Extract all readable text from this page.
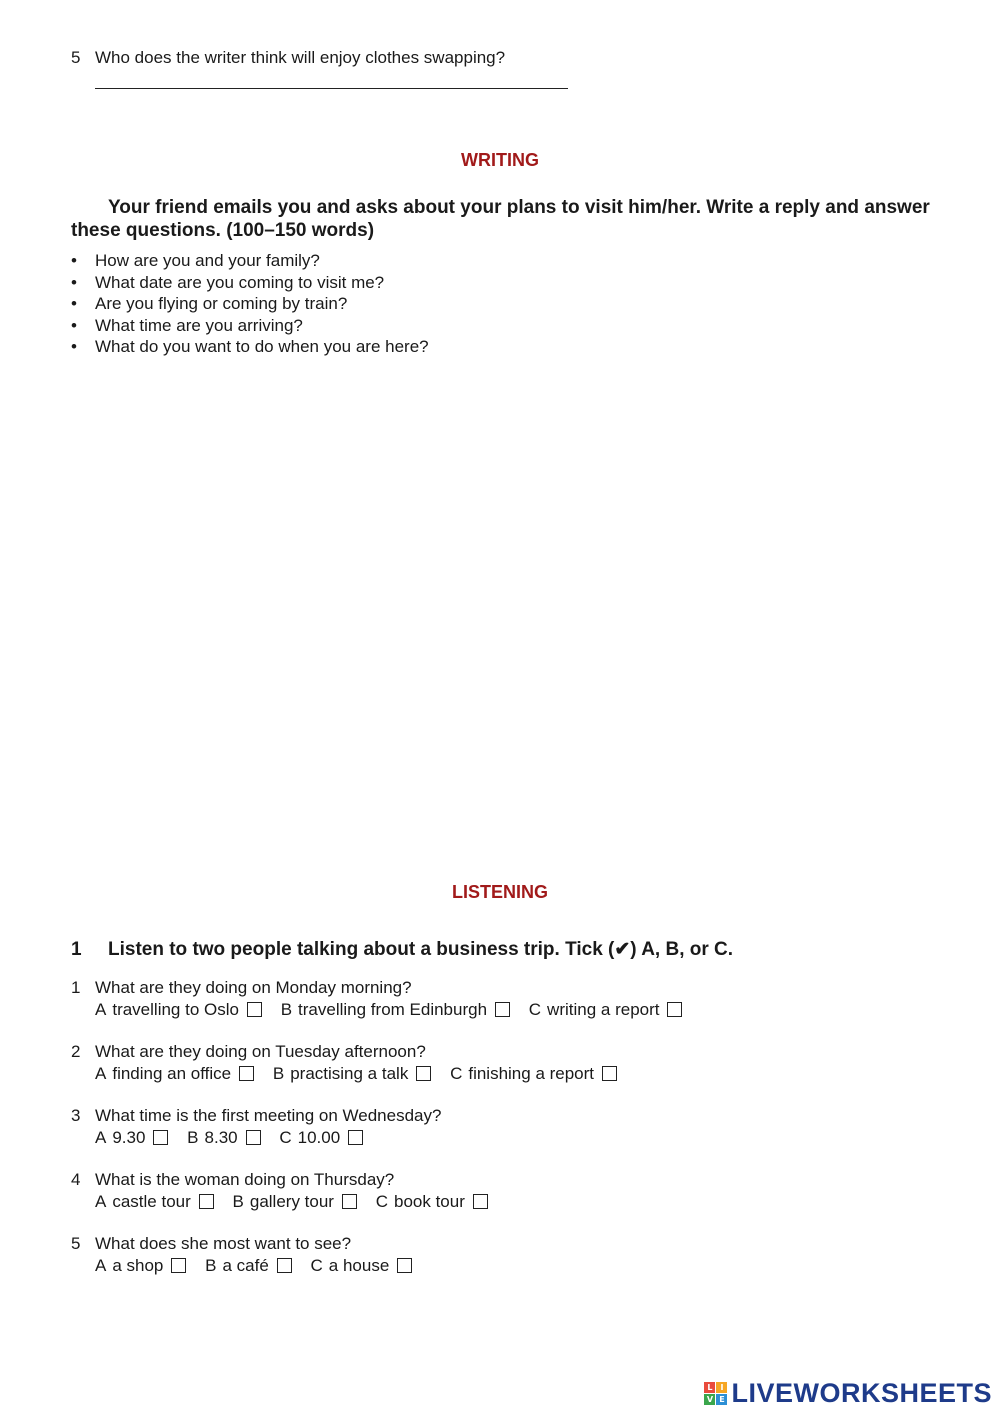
5 Who does the writer think will enjoy clothes swapping?
WRITING
Your friend emails you and asks about your plans to visit him/her. Write a reply and answer these questions. (100–150 words)
• How are you and your family?
• What date are you coming to visit me?
• Are you flying or coming by train?
• What time are you arriving?
• What do you want to do when you are here?
LISTENING
1 Listen to two people talking about a business trip. Tick (✔) A, B, or C.
1 What are they doing on Monday morning?
A travelling to Oslo B travelling from Edinburgh C writing a report
2 What are they doing on Tuesday afternoon?
A finding an office B practising a talk C finishing a report
3 What time is the first meeting on Wednesday?
A 9.30 B 8.30 C 10.00
4 What is the woman doing on Thursday?
A castle tour B gallery tour C book tour
5 What does she most want to see?
A a shop B a café C a house
L I
V E LIVEWORKSHEETS
